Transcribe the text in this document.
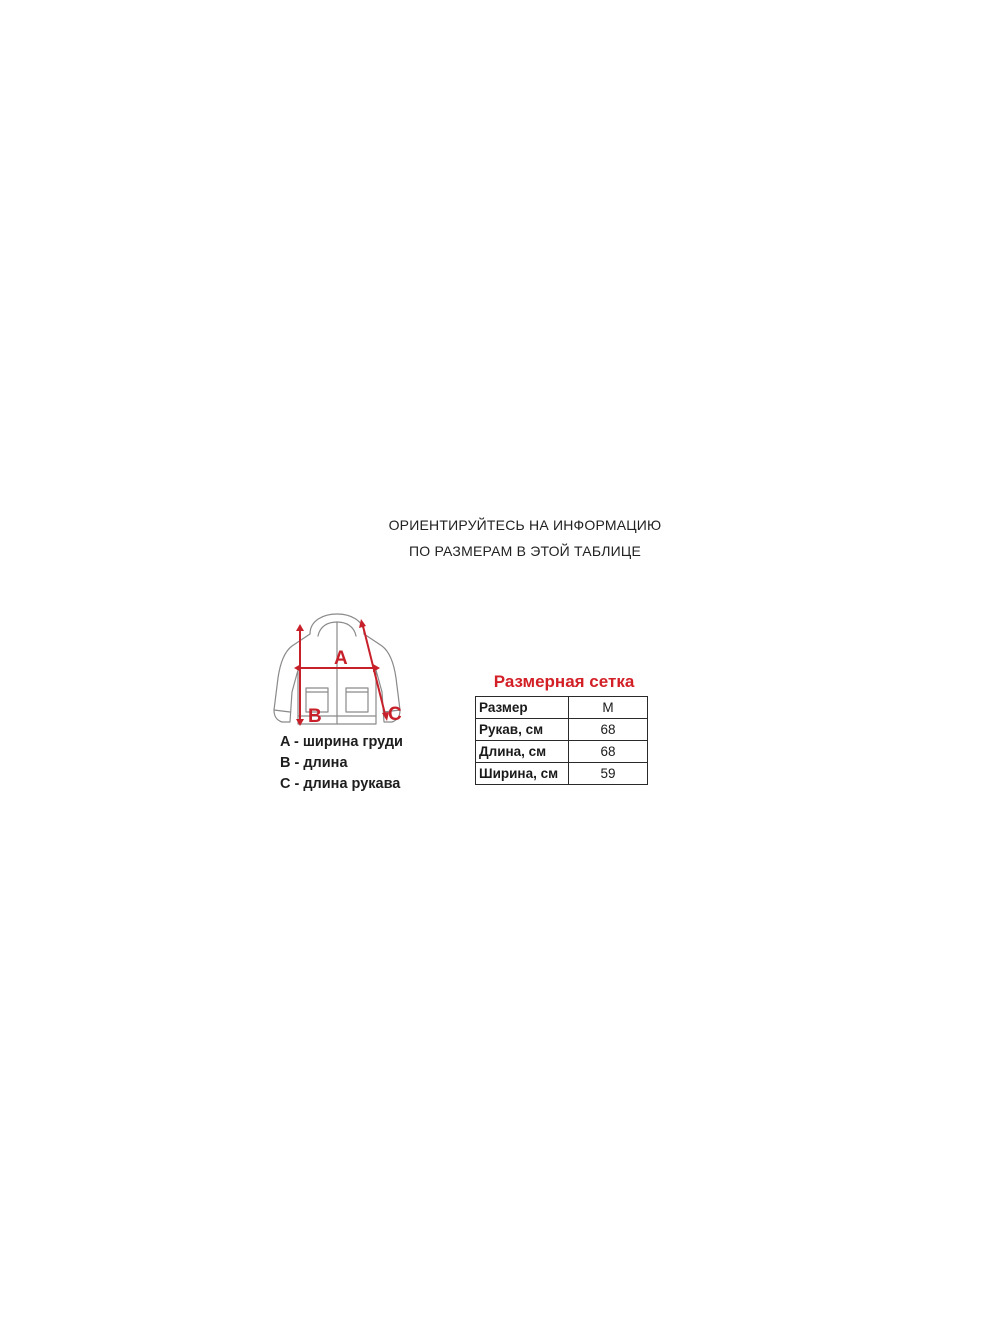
ОРИЕНТИРУЙТЕСЬ НА ИНФОРМАЦИЮ
ПО РАЗМЕРАМ В ЭТОЙ ТАБЛИЦЕ
A
B	C
A - ширина груди
B - длина
C - длина рукава
Размерная сетка
Размер	M
Рукав, см	68
Длина, см	68
Ширина, см	59
